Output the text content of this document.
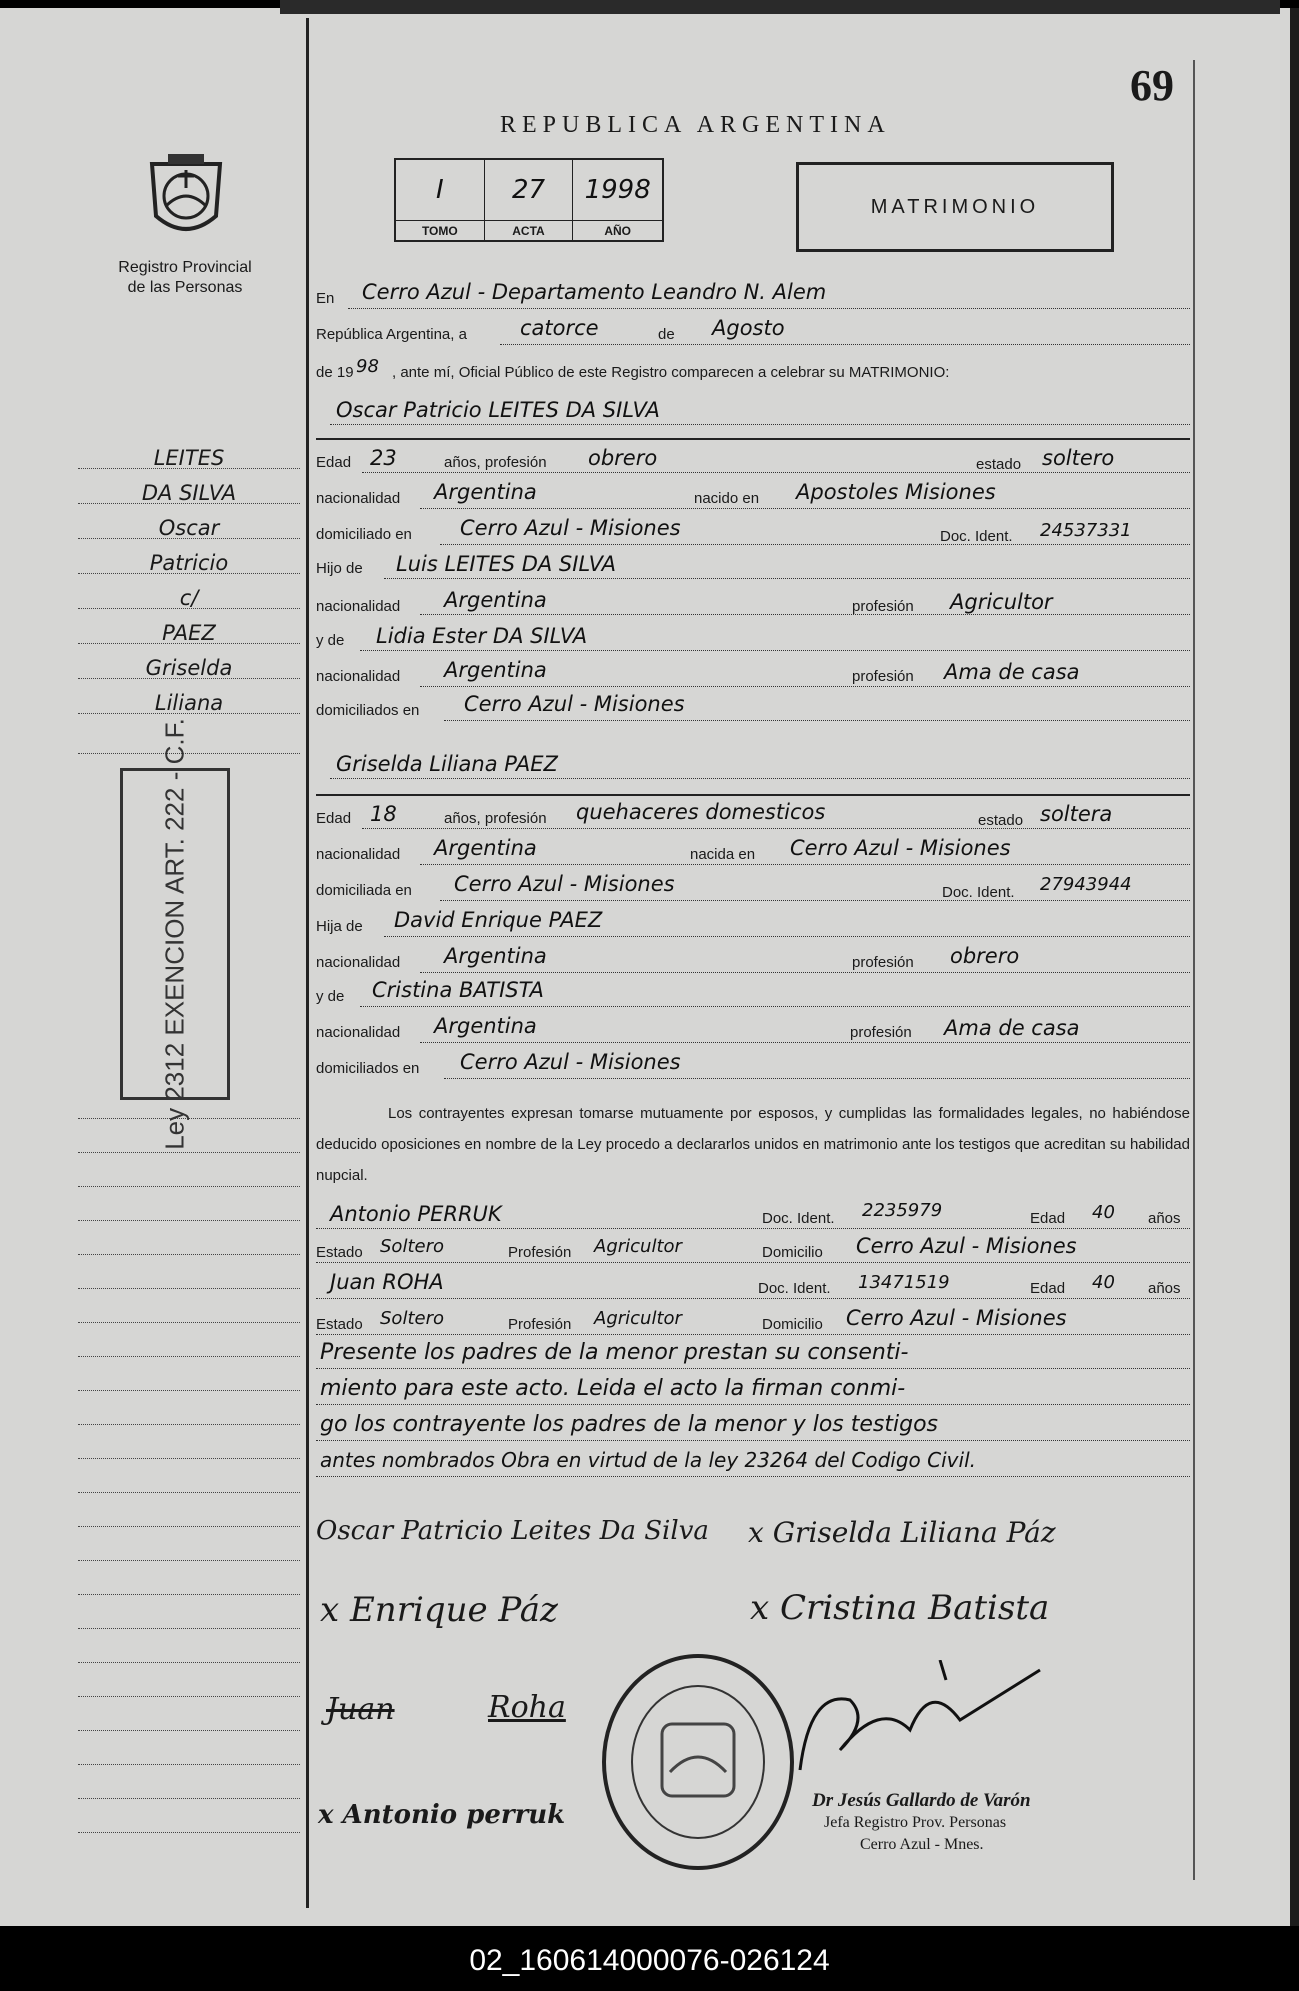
69
REPUBLICA ARGENTINA
I	27	1998
TOMO	ACTA	AÑO
MATRIMONIO
Registro Provincial
de las Personas
LEITES
DA SILVA
Oscar
Patricio
c/
PAEZ
Griselda
Liliana
Ley 2312 EXENCION ART. 222 - C.F.
En Cerro Azul - Departamento Leandro N. Alem
República Argentina, a	catorce	de Agosto
de 19 98 , ante mí, Oficial Público de este Registro comparecen a celebrar su MATRIMONIO:
Oscar Patricio LEITES DA SILVA
Edad 23	años, profesión obrero	estado soltero
nacionalidad Argentina	nacido en Apostoles Misiones
domiciliado en Cerro Azul - Misiones	Doc. Ident. 24537331
Hijo de Luis LEITES DA SILVA
nacionalidad Argentina	profesión Agricultor
y de Lidia Ester DA SILVA
nacionalidad Argentina	profesión Ama de casa
domiciliados en Cerro Azul - Misiones
Griselda Liliana PAEZ
Edad 18	años, profesión quehaceres domesticos	estado soltera
nacionalidad Argentina	nacida en Cerro Azul - Misiones
domiciliada en Cerro Azul - Misiones	Doc. Ident. 27943944
Hija de David Enrique PAEZ
nacionalidad Argentina	profesión obrero
y de Cristina BATISTA
nacionalidad Argentina	profesión Ama de casa
domiciliados en Cerro Azul - Misiones
Los contrayentes expresan tomarse mutuamente por esposos, y cumplidas las formalidades legales, no habiéndose deducido oposiciones en nombre de la Ley procedo a declararlos unidos en matrimonio ante los testigos que acreditan su habilidad nupcial.
Antonio PERRUK	Doc. Ident. 2235979	Edad 40 años
Estado Soltero	Profesión Agricultor	Domicilio Cerro Azul - Misiones
Juan ROHA	Doc. Ident. 13471519	Edad 40 años
Estado Soltero	Profesión Agricultor	Domicilio Cerro Azul - Misiones
Presente los padres de la menor prestan su consenti-
miento para este acto. Leida el acto la firman conmi-
go los contrayente los padres de la menor y los testigos
antes nombrados Obra en virtud de la ley 23264 del Codigo Civil.
Oscar Patricio Leites Da Silva x Griselda Liliana Páz
x Enrique Páz	x Cristina Batista
Juan	Roha
x Antonio perruk	Dr Jesús Gallardo de Varón
Jefa Registro Prov. Personas
Cerro Azul - Mnes.
02_160614000076-026124
